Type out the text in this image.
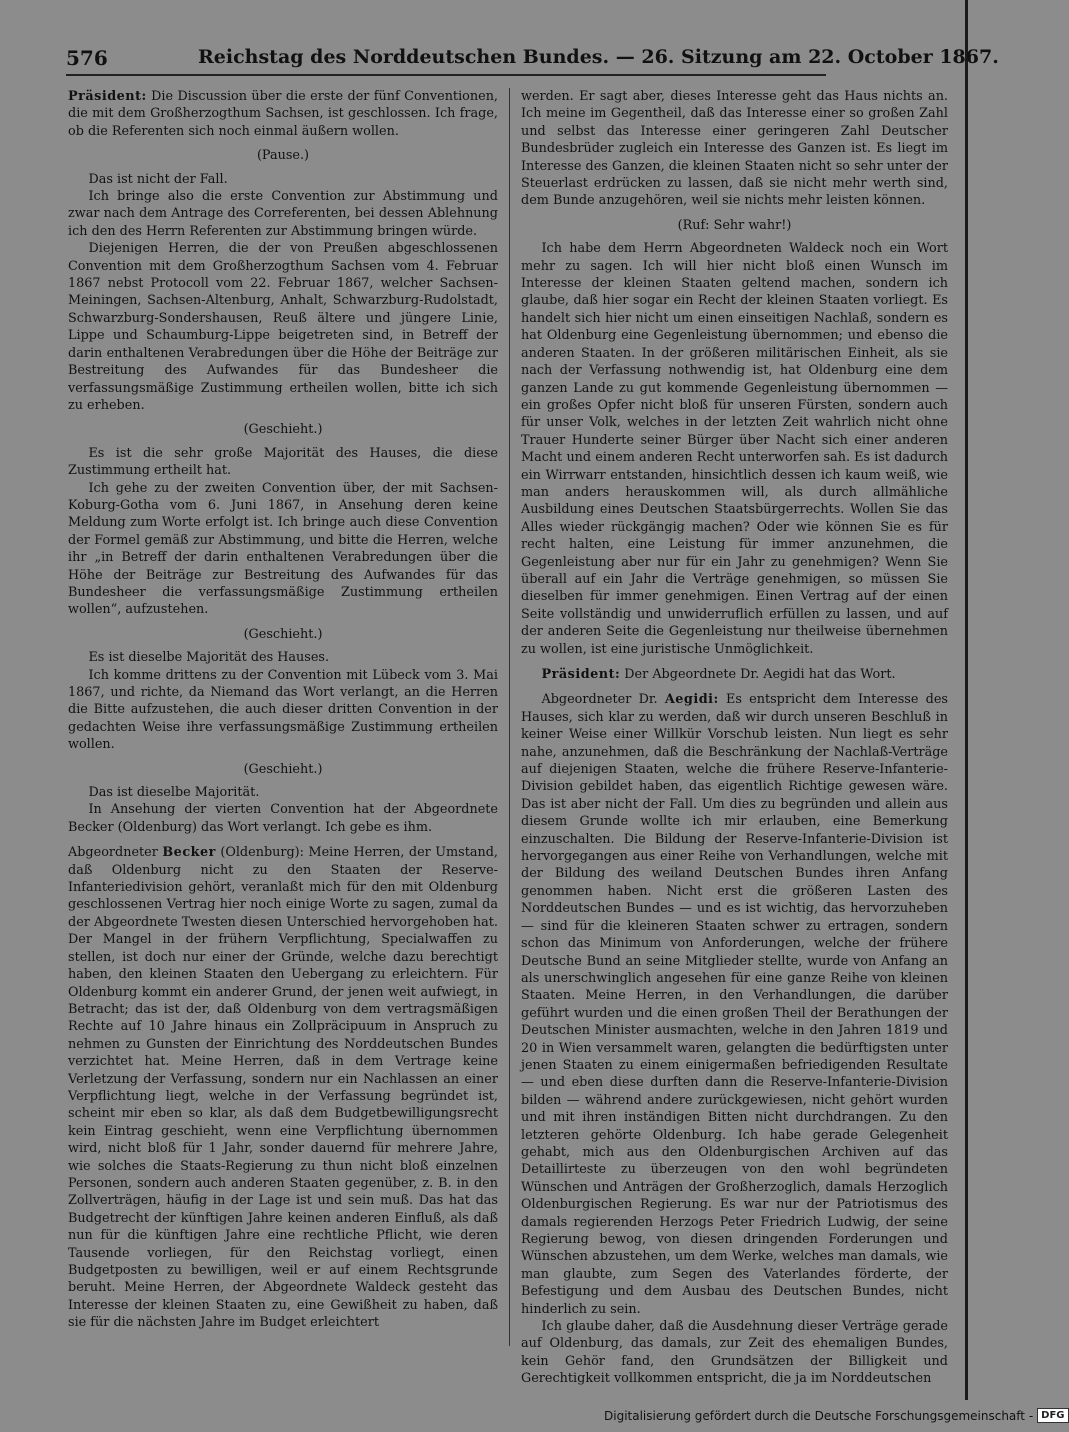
576	Reichstag des Norddeutschen Bundes. — 26. Sitzung am 22. October 1867.

Präsident: Die Discussion über die erste der fünf Conventionen, die mit dem Großherzogthum Sachsen, ist geschlossen. Ich frage, ob die Referenten sich noch einmal äußern wollen.

(Pause.)

Das ist nicht der Fall.

Ich bringe also die erste Convention zur Abstimmung und zwar nach dem Antrage des Correferenten, bei dessen Ablehnung ich den des Herrn Referenten zur Abstimmung bringen würde.

Diejenigen Herren, die der von Preußen abgeschlossenen Convention mit dem Großherzogthum Sachsen vom 4. Februar 1867 nebst Protocoll vom 22. Februar 1867, welcher Sachsen-Meiningen, Sachsen-Altenburg, Anhalt, Schwarzburg-Rudolstadt, Schwarzburg-Sondershausen, Reuß ältere und jüngere Linie, Lippe und Schaumburg-Lippe beigetreten sind, in Betreff der darin enthaltenen Verabredungen über die Höhe der Beiträge zur Bestreitung des Aufwandes für das Bundesheer die verfassungsmäßige Zustimmung ertheilen wollen, bitte ich sich zu erheben.

(Geschieht.)

Es ist die sehr große Majorität des Hauses, die diese Zustimmung ertheilt hat.

Ich gehe zu der zweiten Convention über, der mit Sachsen-Koburg-Gotha vom 6. Juni 1867, in Ansehung deren keine Meldung zum Worte erfolgt ist. Ich bringe auch diese Convention der Formel gemäß zur Abstimmung, und bitte die Herren, welche ihr „in Betreff der darin enthaltenen Verabredungen über die Höhe der Beiträge zur Bestreitung des Aufwandes für das Bundesheer die verfassungsmäßige Zustimmung ertheilen wollen“, aufzustehen.

(Geschieht.)

Es ist dieselbe Majorität des Hauses.

Ich komme drittens zu der Convention mit Lübeck vom 3. Mai 1867, und richte, da Niemand das Wort verlangt, an die Herren die Bitte aufzustehen, die auch dieser dritten Convention in der gedachten Weise ihre verfassungsmäßige Zustimmung ertheilen wollen.

(Geschieht.)

Das ist dieselbe Majorität.

In Ansehung der vierten Convention hat der Abgeordnete Becker (Oldenburg) das Wort verlangt. Ich gebe es ihm.

Abgeordneter Becker (Oldenburg): Meine Herren, der Umstand, daß Oldenburg nicht zu den Staaten der Reserve-Infanteriedivision gehört, veranlaßt mich für den mit Oldenburg geschlossenen Vertrag hier noch einige Worte zu sagen, zumal da der Abgeordnete Twesten diesen Unterschied hervorgehoben hat. Der Mangel in der frühern Verpflichtung, Specialwaffen zu stellen, ist doch nur einer der Gründe, welche dazu berechtigt haben, den kleinen Staaten den Uebergang zu erleichtern. Für Oldenburg kommt ein anderer Grund, der jenen weit aufwiegt, in Betracht; das ist der, daß Oldenburg von dem vertragsmäßigen Rechte auf 10 Jahre hinaus ein Zollpräcipuum in Anspruch zu nehmen zu Gunsten der Einrichtung des Norddeutschen Bundes verzichtet hat. Meine Herren, daß in dem Vertrage keine Verletzung der Verfassung, sondern nur ein Nachlassen an einer Verpflichtung liegt, welche in der Verfassung begründet ist, scheint mir eben so klar, als daß dem Budgetbewilligungsrecht kein Eintrag geschieht, wenn eine Verpflichtung übernommen wird, nicht bloß für 1 Jahr, sonder dauernd für mehrere Jahre, wie solches die Staats-Regierung zu thun nicht bloß einzelnen Personen, sondern auch anderen Staaten gegenüber, z. B. in den Zollverträgen, häufig in der Lage ist und sein muß. Das hat das Budgetrecht der künftigen Jahre keinen anderen Einfluß, als daß nun für die künftigen Jahre eine rechtliche Pflicht, wie deren Tausende vorliegen, für den Reichstag vorliegt, einen Budgetposten zu bewilligen, weil er auf einem Rechtsgrunde beruht. Meine Herren, der Abgeordnete Waldeck gesteht das Interesse der kleinen Staaten zu, eine Gewißheit zu haben, daß sie für die nächsten Jahre im Budget erleichtert

werden. Er sagt aber, dieses Interesse geht das Haus nichts an. Ich meine im Gegentheil, daß das Interesse einer so großen Zahl und selbst das Interesse einer geringeren Zahl Deutscher Bundesbrüder zugleich ein Interesse des Ganzen ist. Es liegt im Interesse des Ganzen, die kleinen Staaten nicht so sehr unter der Steuerlast erdrücken zu lassen, daß sie nicht mehr werth sind, dem Bunde anzugehören, weil sie nichts mehr leisten können.

(Ruf: Sehr wahr!)

Ich habe dem Herrn Abgeordneten Waldeck noch ein Wort mehr zu sagen. Ich will hier nicht bloß einen Wunsch im Interesse der kleinen Staaten geltend machen, sondern ich glaube, daß hier sogar ein Recht der kleinen Staaten vorliegt. Es handelt sich hier nicht um einen einseitigen Nachlaß, sondern es hat Oldenburg eine Gegenleistung übernommen; und ebenso die anderen Staaten. In der größeren militärischen Einheit, als sie nach der Verfassung nothwendig ist, hat Oldenburg eine dem ganzen Lande zu gut kommende Gegenleistung übernommen — ein großes Opfer nicht bloß für unseren Fürsten, sondern auch für unser Volk, welches in der letzten Zeit wahrlich nicht ohne Trauer Hunderte seiner Bürger über Nacht sich einer anderen Macht und einem anderen Recht unterworfen sah. Es ist dadurch ein Wirrwarr entstanden, hinsichtlich dessen ich kaum weiß, wie man anders herauskommen will, als durch allmähliche Ausbildung eines Deutschen Staatsbürgerrechts. Wollen Sie das Alles wieder rückgängig machen? Oder wie können Sie es für recht halten, eine Leistung für immer anzunehmen, die Gegenleistung aber nur für ein Jahr zu genehmigen? Wenn Sie überall auf ein Jahr die Verträge genehmigen, so müssen Sie dieselben für immer genehmigen. Einen Vertrag auf der einen Seite vollständig und unwiderruflich erfüllen zu lassen, und auf der anderen Seite die Gegenleistung nur theilweise übernehmen zu wollen, ist eine juristische Unmöglichkeit.

Präsident: Der Abgeordnete Dr. Aegidi hat das Wort.

Abgeordneter Dr. Aegidi: Es entspricht dem Interesse des Hauses, sich klar zu werden, daß wir durch unseren Beschluß in keiner Weise einer Willkür Vorschub leisten. Nun liegt es sehr nahe, anzunehmen, daß die Beschränkung der Nachlaß-Verträge auf diejenigen Staaten, welche die frühere Reserve-Infanterie-Division gebildet haben, das eigentlich Richtige gewesen wäre. Das ist aber nicht der Fall. Um dies zu begründen und allein aus diesem Grunde wollte ich mir erlauben, eine Bemerkung einzuschalten. Die Bildung der Reserve-Infanterie-Division ist hervorgegangen aus einer Reihe von Verhandlungen, welche mit der Bildung des weiland Deutschen Bundes ihren Anfang genommen haben. Nicht erst die größeren Lasten des Norddeutschen Bundes — und es ist wichtig, das hervorzuheben — sind für die kleineren Staaten schwer zu ertragen, sondern schon das Minimum von Anforderungen, welche der frühere Deutsche Bund an seine Mitglieder stellte, wurde von Anfang an als unerschwinglich angesehen für eine ganze Reihe von kleinen Staaten. Meine Herren, in den Verhandlungen, die darüber geführt wurden und die einen großen Theil der Berathungen der Deutschen Minister ausmachten, welche in den Jahren 1819 und 20 in Wien versammelt waren, gelangten die bedürftigsten unter jenen Staaten zu einem einigermaßen befriedigenden Resultate — und eben diese durften dann die Reserve-Infanterie-Division bilden — während andere zurückgewiesen, nicht gehört wurden und mit ihren inständigen Bitten nicht durchdrangen. Zu den letzteren gehörte Oldenburg. Ich habe gerade Gelegenheit gehabt, mich aus den Oldenburgischen Archiven auf das Detaillirteste zu überzeugen von den wohl begründeten Wünschen und Anträgen der Großherzoglich, damals Herzoglich Oldenburgischen Regierung. Es war nur der Patriotismus des damals regierenden Herzogs Peter Friedrich Ludwig, der seine Regierung bewog, von diesen dringenden Forderungen und Wünschen abzustehen, um dem Werke, welches man damals, wie man glaubte, zum Segen des Vaterlandes förderte, der Befestigung und dem Ausbau des Deutschen Bundes, nicht hinderlich zu sein.

Ich glaube daher, daß die Ausdehnung dieser Verträge gerade auf Oldenburg, das damals, zur Zeit des ehemaligen Bundes, kein Gehör fand, den Grundsätzen der Billigkeit und Gerechtigkeit vollkommen entspricht, die ja im Norddeutschen

Digitalisierung gefördert durch die Deutsche Forschungsgemeinschaft - DFG
